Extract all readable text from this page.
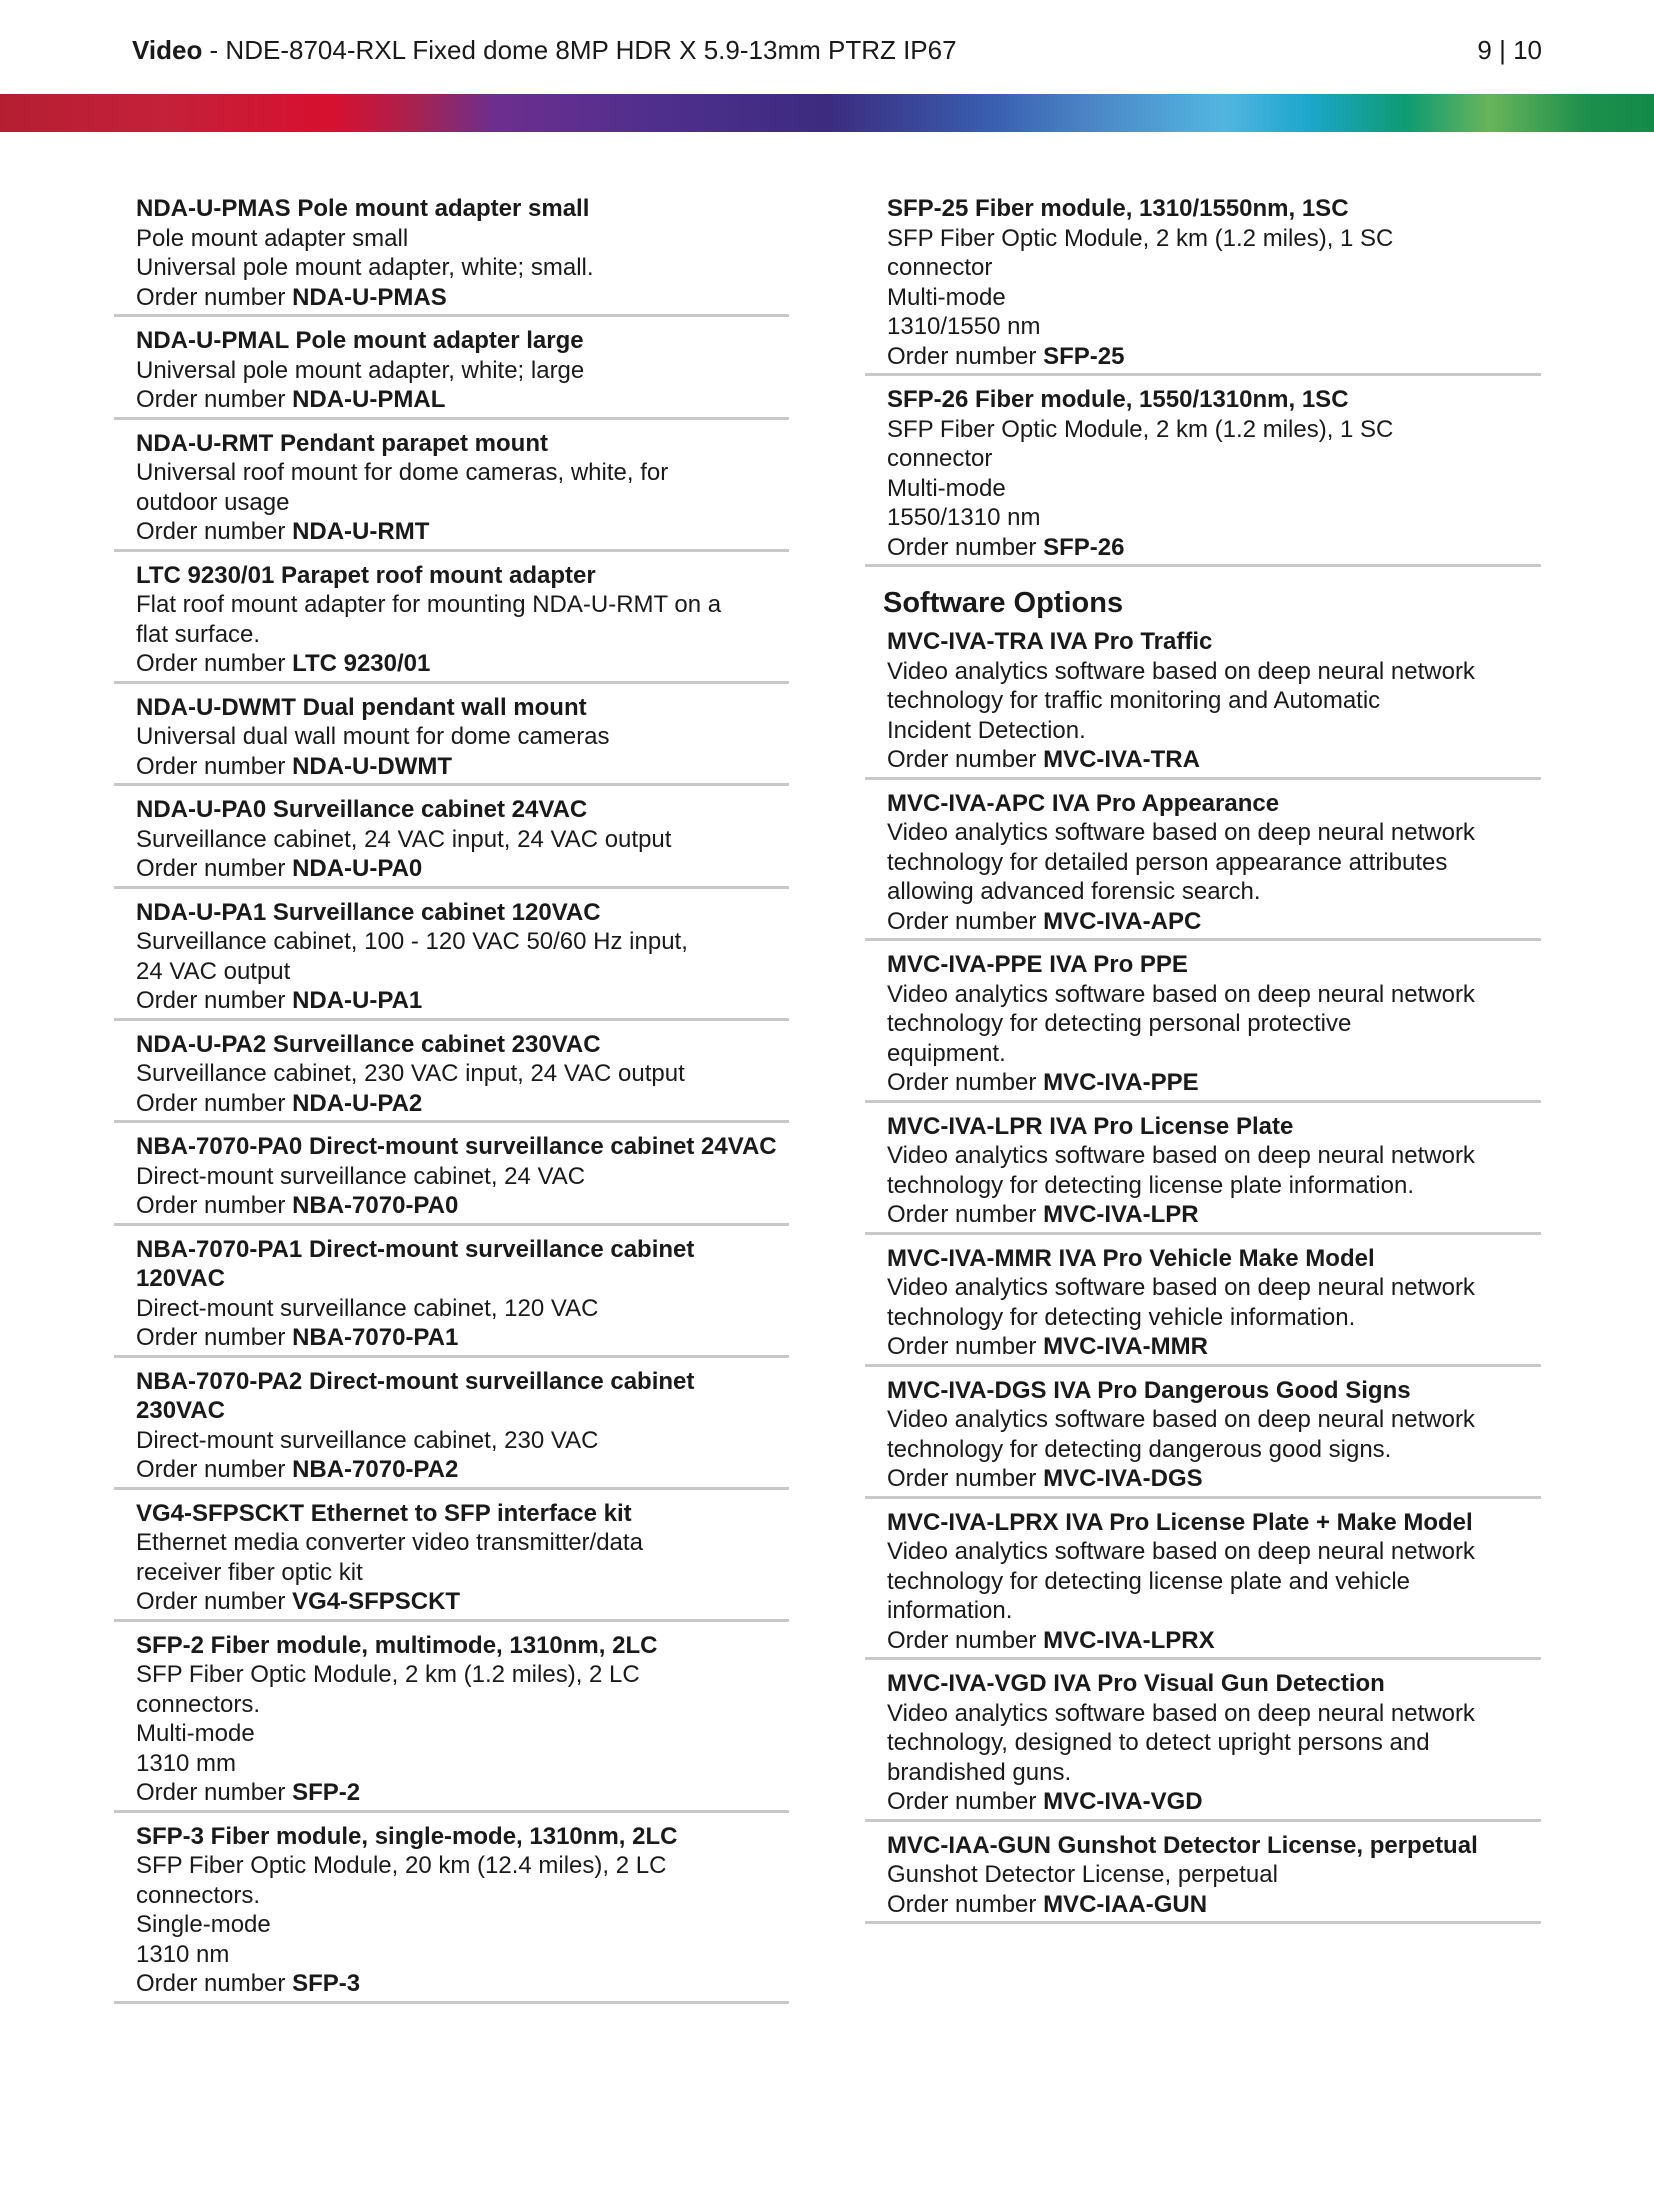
Video - NDE-8704-RXL Fixed dome 8MP HDR X 5.9-13mm PTRZ IP67	9 | 10
NDA-U-PMAS Pole mount adapter small
Pole mount adapter small
Universal pole mount adapter, white; small.
Order number NDA-U-PMAS
NDA-U-PMAL Pole mount adapter large
Universal pole mount adapter, white; large
Order number NDA-U-PMAL
NDA-U-RMT Pendant parapet mount
Universal roof mount for dome cameras, white, for
outdoor usage
Order number NDA-U-RMT
LTC 9230/01 Parapet roof mount adapter
Flat roof mount adapter for mounting NDA-U-RMT on a
flat surface.
Order number LTC 9230/01
NDA-U-DWMT Dual pendant wall mount
Universal dual wall mount for dome cameras
Order number NDA-U-DWMT
NDA-U-PA0 Surveillance cabinet 24VAC
Surveillance cabinet, 24 VAC input, 24 VAC output
Order number NDA-U-PA0
NDA-U-PA1 Surveillance cabinet 120VAC
Surveillance cabinet, 100 - 120 VAC 50/60 Hz input,
24 VAC output
Order number NDA-U-PA1
NDA-U-PA2 Surveillance cabinet 230VAC
Surveillance cabinet, 230 VAC input, 24 VAC output
Order number NDA-U-PA2
NBA-7070-PA0 Direct-mount surveillance cabinet 24VAC
Direct-mount surveillance cabinet, 24 VAC
Order number NBA-7070-PA0
NBA-7070-PA1 Direct-mount surveillance cabinet 120VAC
Direct-mount surveillance cabinet, 120 VAC
Order number NBA-7070-PA1
NBA-7070-PA2 Direct-mount surveillance cabinet 230VAC
Direct-mount surveillance cabinet, 230 VAC
Order number NBA-7070-PA2
VG4-SFPSCKT Ethernet to SFP interface kit
Ethernet media converter video transmitter/data
receiver fiber optic kit
Order number VG4-SFPSCKT
SFP-2 Fiber module, multimode, 1310nm, 2LC
SFP Fiber Optic Module, 2 km (1.2 miles), 2 LC
connectors.
Multi-mode
1310 mm
Order number SFP-2
SFP-3 Fiber module, single-mode, 1310nm, 2LC
SFP Fiber Optic Module, 20 km (12.4 miles), 2 LC
connectors.
Single-mode
1310 nm
Order number SFP-3
SFP-25 Fiber module, 1310/1550nm, 1SC
SFP Fiber Optic Module, 2 km (1.2 miles), 1 SC
connector
Multi-mode
1310/1550 nm
Order number SFP-25
SFP-26 Fiber module, 1550/1310nm, 1SC
SFP Fiber Optic Module, 2 km (1.2 miles), 1 SC
connector
Multi-mode
1550/1310 nm
Order number SFP-26
Software Options
MVC-IVA-TRA IVA Pro Traffic
Video analytics software based on deep neural network
technology for traffic monitoring and Automatic
Incident Detection.
Order number MVC-IVA-TRA
MVC-IVA-APC IVA Pro Appearance
Video analytics software based on deep neural network
technology for detailed person appearance attributes
allowing advanced forensic search.
Order number MVC-IVA-APC
MVC-IVA-PPE IVA Pro PPE
Video analytics software based on deep neural network
technology for detecting personal protective
equipment.
Order number MVC-IVA-PPE
MVC-IVA-LPR IVA Pro License Plate
Video analytics software based on deep neural network
technology for detecting license plate information.
Order number MVC-IVA-LPR
MVC-IVA-MMR IVA Pro Vehicle Make Model
Video analytics software based on deep neural network
technology for detecting vehicle information.
Order number MVC-IVA-MMR
MVC-IVA-DGS IVA Pro Dangerous Good Signs
Video analytics software based on deep neural network
technology for detecting dangerous good signs.
Order number MVC-IVA-DGS
MVC-IVA-LPRX IVA Pro License Plate + Make Model
Video analytics software based on deep neural network
technology for detecting license plate and vehicle
information.
Order number MVC-IVA-LPRX
MVC-IVA-VGD IVA Pro Visual Gun Detection
Video analytics software based on deep neural network
technology, designed to detect upright persons and
brandished guns.
Order number MVC-IVA-VGD
MVC-IAA-GUN Gunshot Detector License, perpetual
Gunshot Detector License, perpetual
Order number MVC-IAA-GUN
